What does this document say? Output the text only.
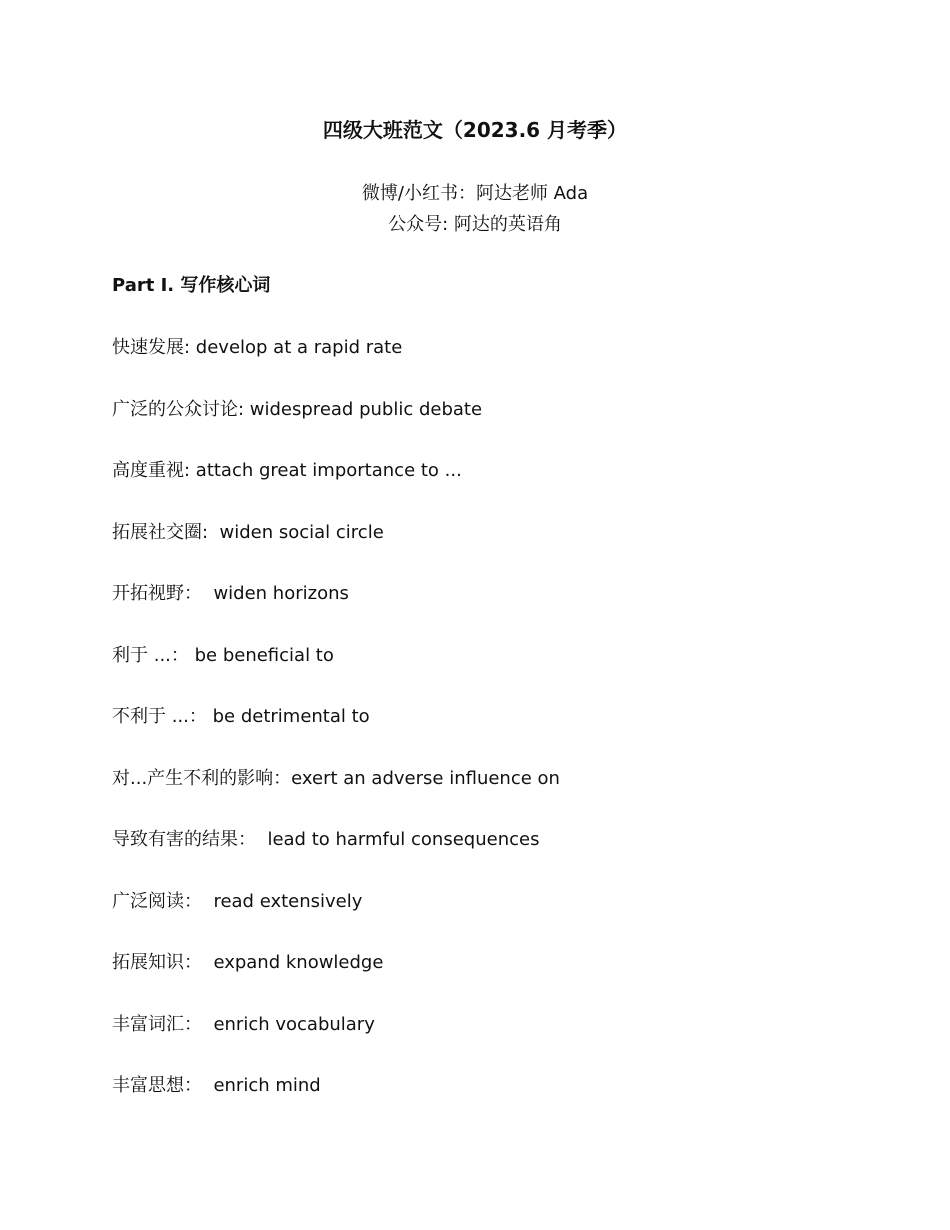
四级大班范文（2023.6 月考季）
微博/小红书：阿达老师 Ada
公众号: 阿达的英语角
Part I. 写作核心词
快速发展: develop at a rapid rate
广泛的公众讨论: widespread public debate
高度重视: attach great importance to ...
拓展社交圈:  widen social circle
开拓视野：  widen horizons
利于 ...： be beneficial to
不利于 ...： be detrimental to
对...产生不利的影响：exert an adverse influence on
导致有害的结果：  lead to harmful consequences
广泛阅读：  read extensively
拓展知识：  expand knowledge
丰富词汇：  enrich vocabulary
丰富思想：  enrich mind
